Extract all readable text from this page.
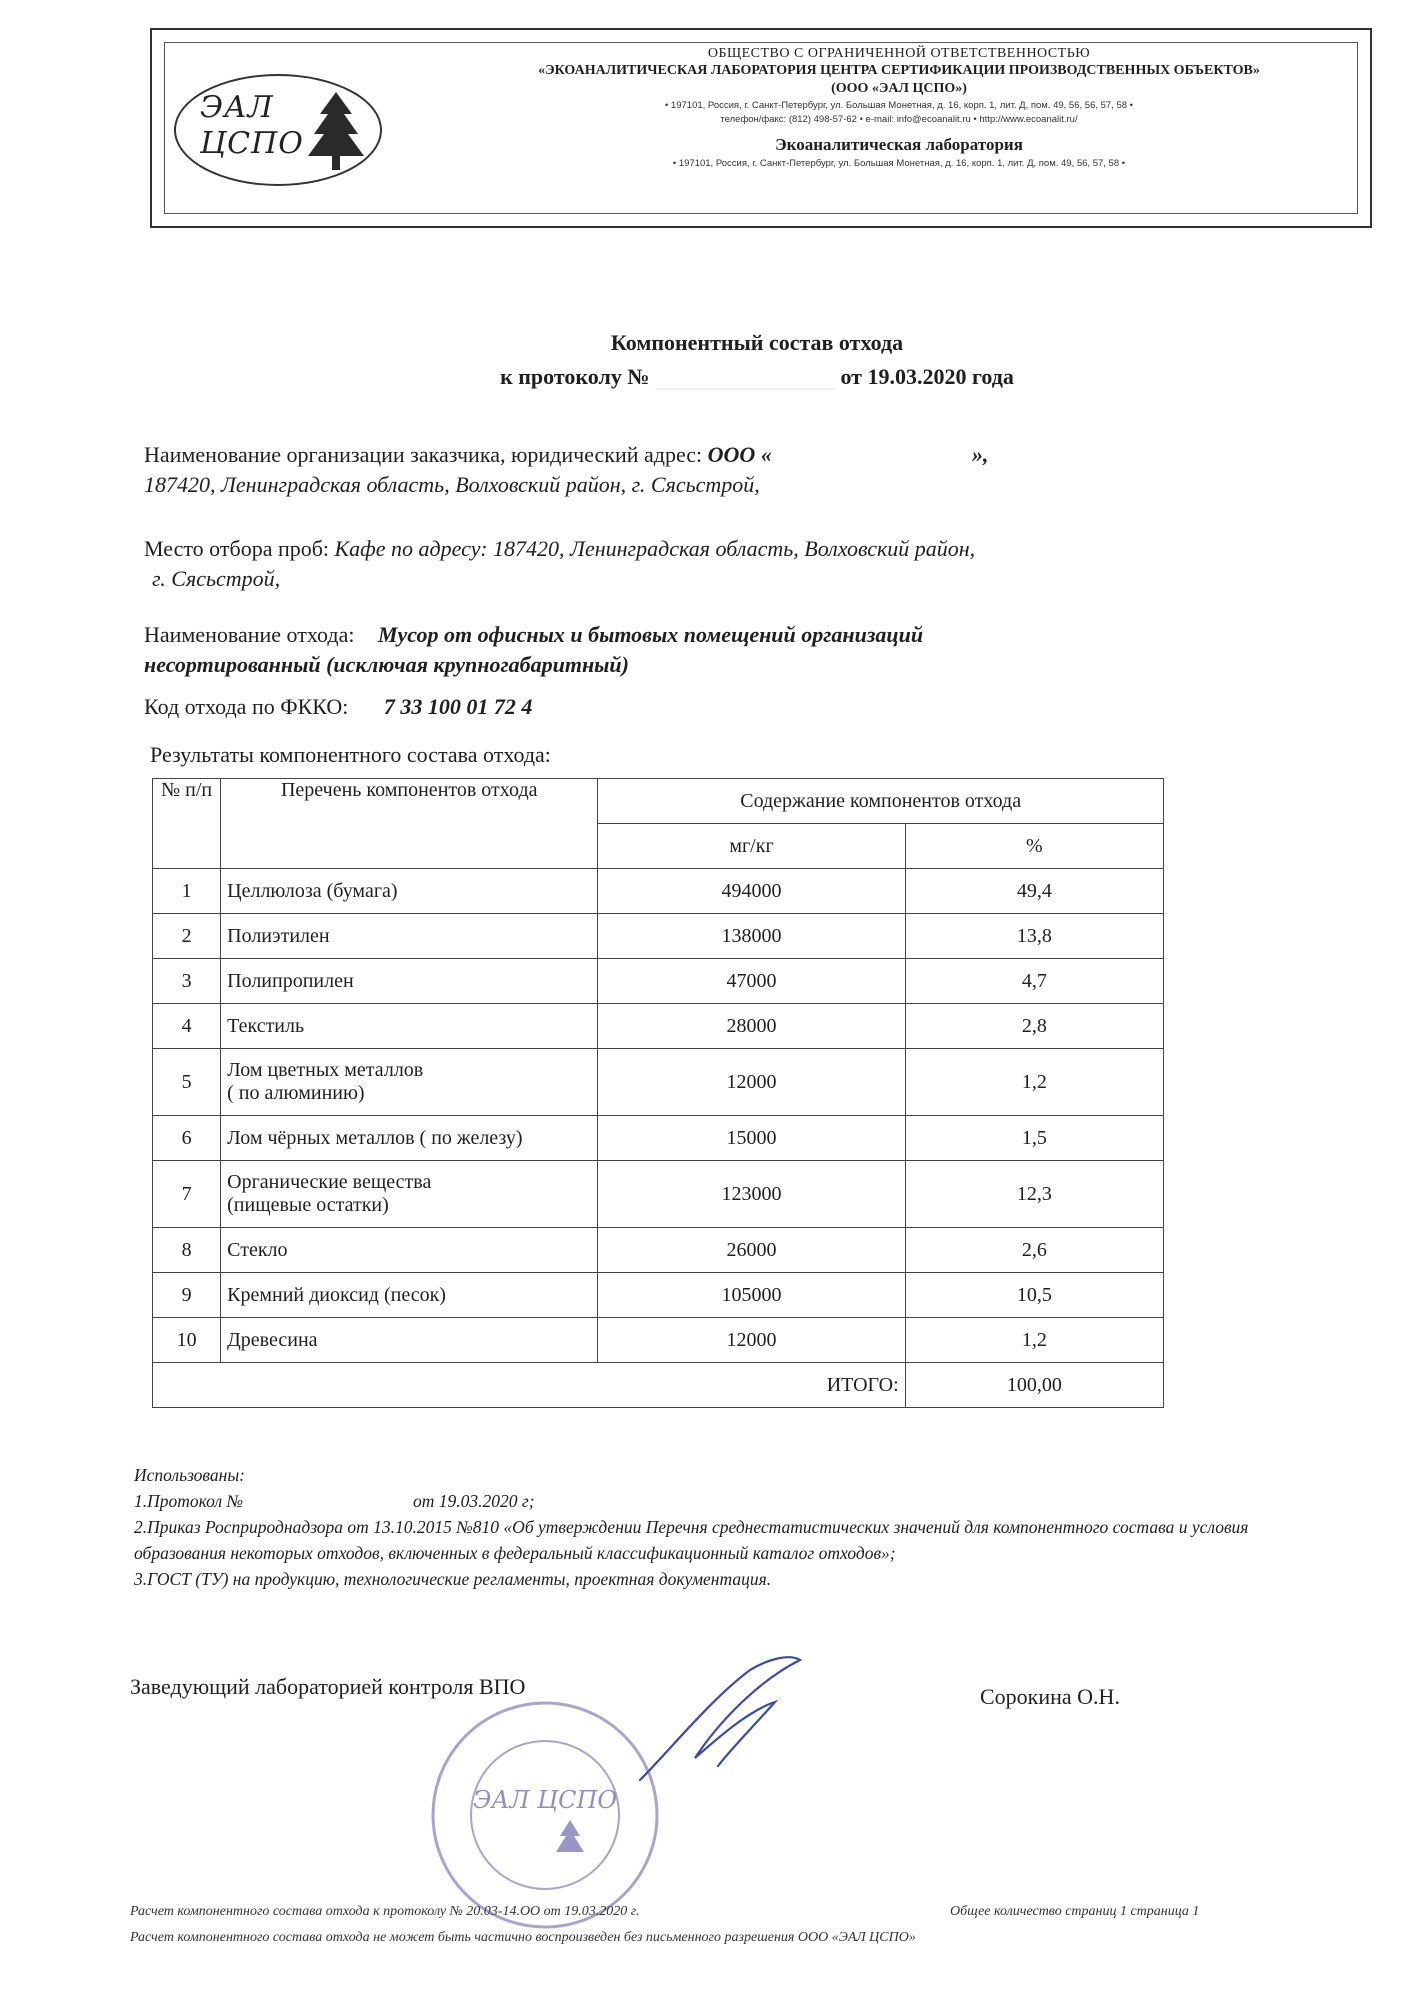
ЭАЛ ЦСПО
ОБЩЕСТВО С ОГРАНИЧЕННОЙ ОТВЕТСТВЕННОСТЬЮ
«ЭКОАНАЛИТИЧЕСКАЯ ЛАБОРАТОРИЯ ЦЕНТРА СЕРТИФИКАЦИИ ПРОИЗВОДСТВЕННЫХ ОБЪЕКТОВ»
(ООО «ЭАЛ ЦСПО»)
• 197101, Россия, г. Санкт-Петербург, ул. Большая Монетная, д. 16, корп. 1, лит. Д, пом. 49, 56, 56, 57, 58 •
телефон/факс: (812) 498-57-62 • e-mail: info@ecoanalit.ru • http://www.ecoanalit.ru/
Экоаналитическая лаборатория
• 197101, Россия, г. Санкт-Петербург, ул. Большая Монетная, д. 16, корп. 1, лит. Д, пом. 49, 56, 57, 58 •
Компонентный состав отхода
к протоколу №	от 19.03.2020 года
Наименование организации заказчика, юридический адрес: ООО «	»,
187420, Ленинградская область, Волховский район, г. Сясьстрой,
Место отбора проб: Кафе по адресу: 187420, Ленинградская область, Волховский район,
г. Сясьстрой,
Наименование отхода: Мусор от офисных и бытовых помещений организаций
несортированный (исключая крупногабаритный)
Код отхода по ФККО: 7 33 100 01 72 4
Результаты компонентного состава отхода:
№ п/п	Перечень компонентов отхода	Содержание компонентов отхода	
		мг/кг	%
1	Целлюлоза (бумага)	494000	49,4
2	Полиэтилен	138000	13,8
3	Полипропилен	47000	4,7
4	Текстиль	28000	2,8
5	Лом цветных металлов
( по алюминию)	12000	1,2
6	Лом чёрных металлов ( по железу)	15000	1,5
7	Органические вещества
(пищевые остатки)	123000	12,3
8	Стекло	26000	2,6
9	Кремний диоксид (песок)	105000	10,5
10	Древесина	12000	1,2
ИТОГО:			100,00
Использованы:
1.Протокол №	от 19.03.2020 г;
2.Приказ Росприроднадзора от 13.10.2015 №810 «Об утверждении Перечня среднестатистических значений для компонентного состава и условия образования некоторых отходов, включенных в федеральный классификационный каталог отходов»;
3.ГОСТ (ТУ) на продукцию, технологические регламенты, проектная документация.
ЭАЛ ЦСПО
Заведующий лабораторией контроля ВПО	Сорокина О.Н.
Расчет компонентного состава отхода к протоколу № 20.03-14.ОО от 19.03.2020 г.	Общее количество страниц 1 страница 1
Расчет компонентного состава отхода не может быть частично воспроизведен без письменного разрешения ООО «ЭАЛ ЦСПО»
